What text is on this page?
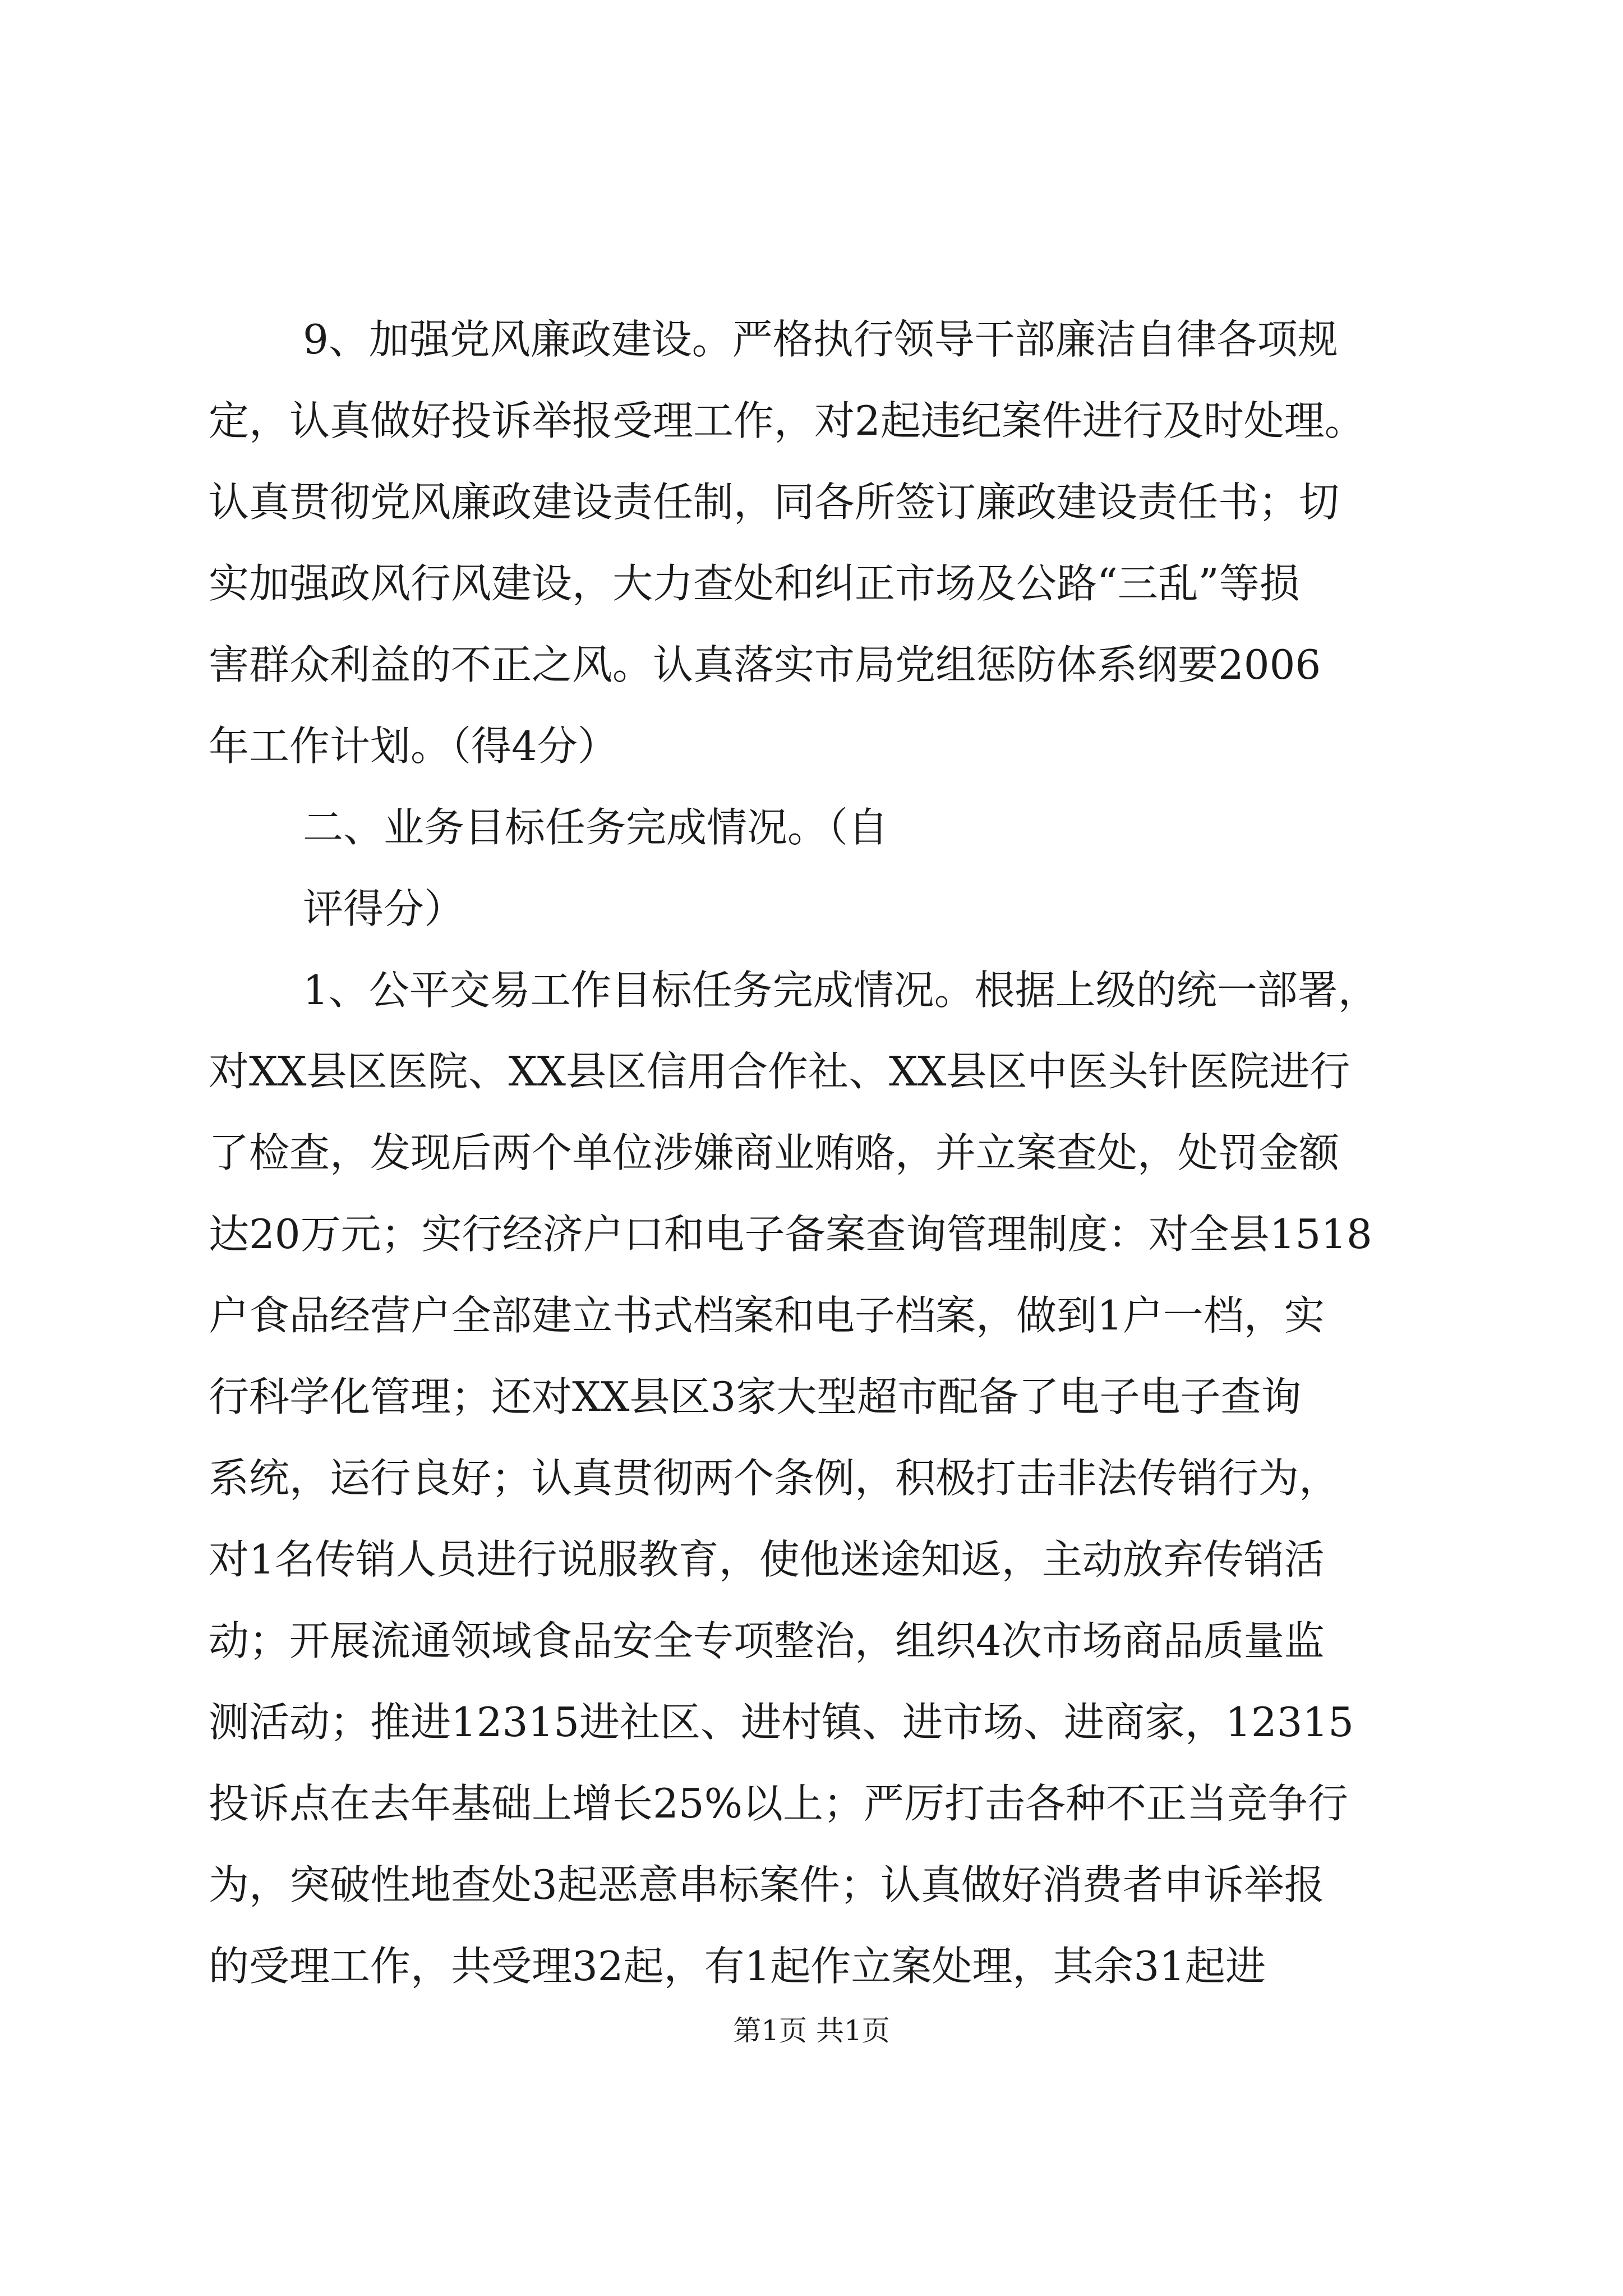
9、加强党风廉政建设。严格执行领导干部廉洁自律各项规
定，认真做好投诉举报受理工作，对2起违纪案件进行及时处理。
认真贯彻党风廉政建设责任制，同各所签订廉政建设责任书；切
实加强政风行风建设，大力查处和纠正市场及公路“三乱”等损
害群众利益的不正之风。认真落实市局党组惩防体系纲要2006
年工作计划。（得4分）
二、业务目标任务完成情况。（自
评得分）
1、公平交易工作目标任务完成情况。根据上级的统一部署，
对XX县区医院、XX县区信用合作社、XX县区中医头针医院进行
了检查，发现后两个单位涉嫌商业贿赂，并立案查处，处罚金额
达20万元；实行经济户口和电子备案查询管理制度：对全县1518
户食品经营户全部建立书式档案和电子档案，做到1户一档，实
行科学化管理；还对XX县区3家大型超市配备了电子电子查询
系统，运行良好；认真贯彻两个条例，积极打击非法传销行为，
对1名传销人员进行说服教育，使他迷途知返，主动放弃传销活
动；开展流通领域食品安全专项整治，组织4次市场商品质量监
测活动；推进12315进社区、进村镇、进市场、进商家，12315
投诉点在去年基础上增长25%以上；严厉打击各种不正当竞争行
为，突破性地查处3起恶意串标案件；认真做好消费者申诉举报
的受理工作，共受理32起，有1起作立案处理，其余31起进
第1页 共1页
